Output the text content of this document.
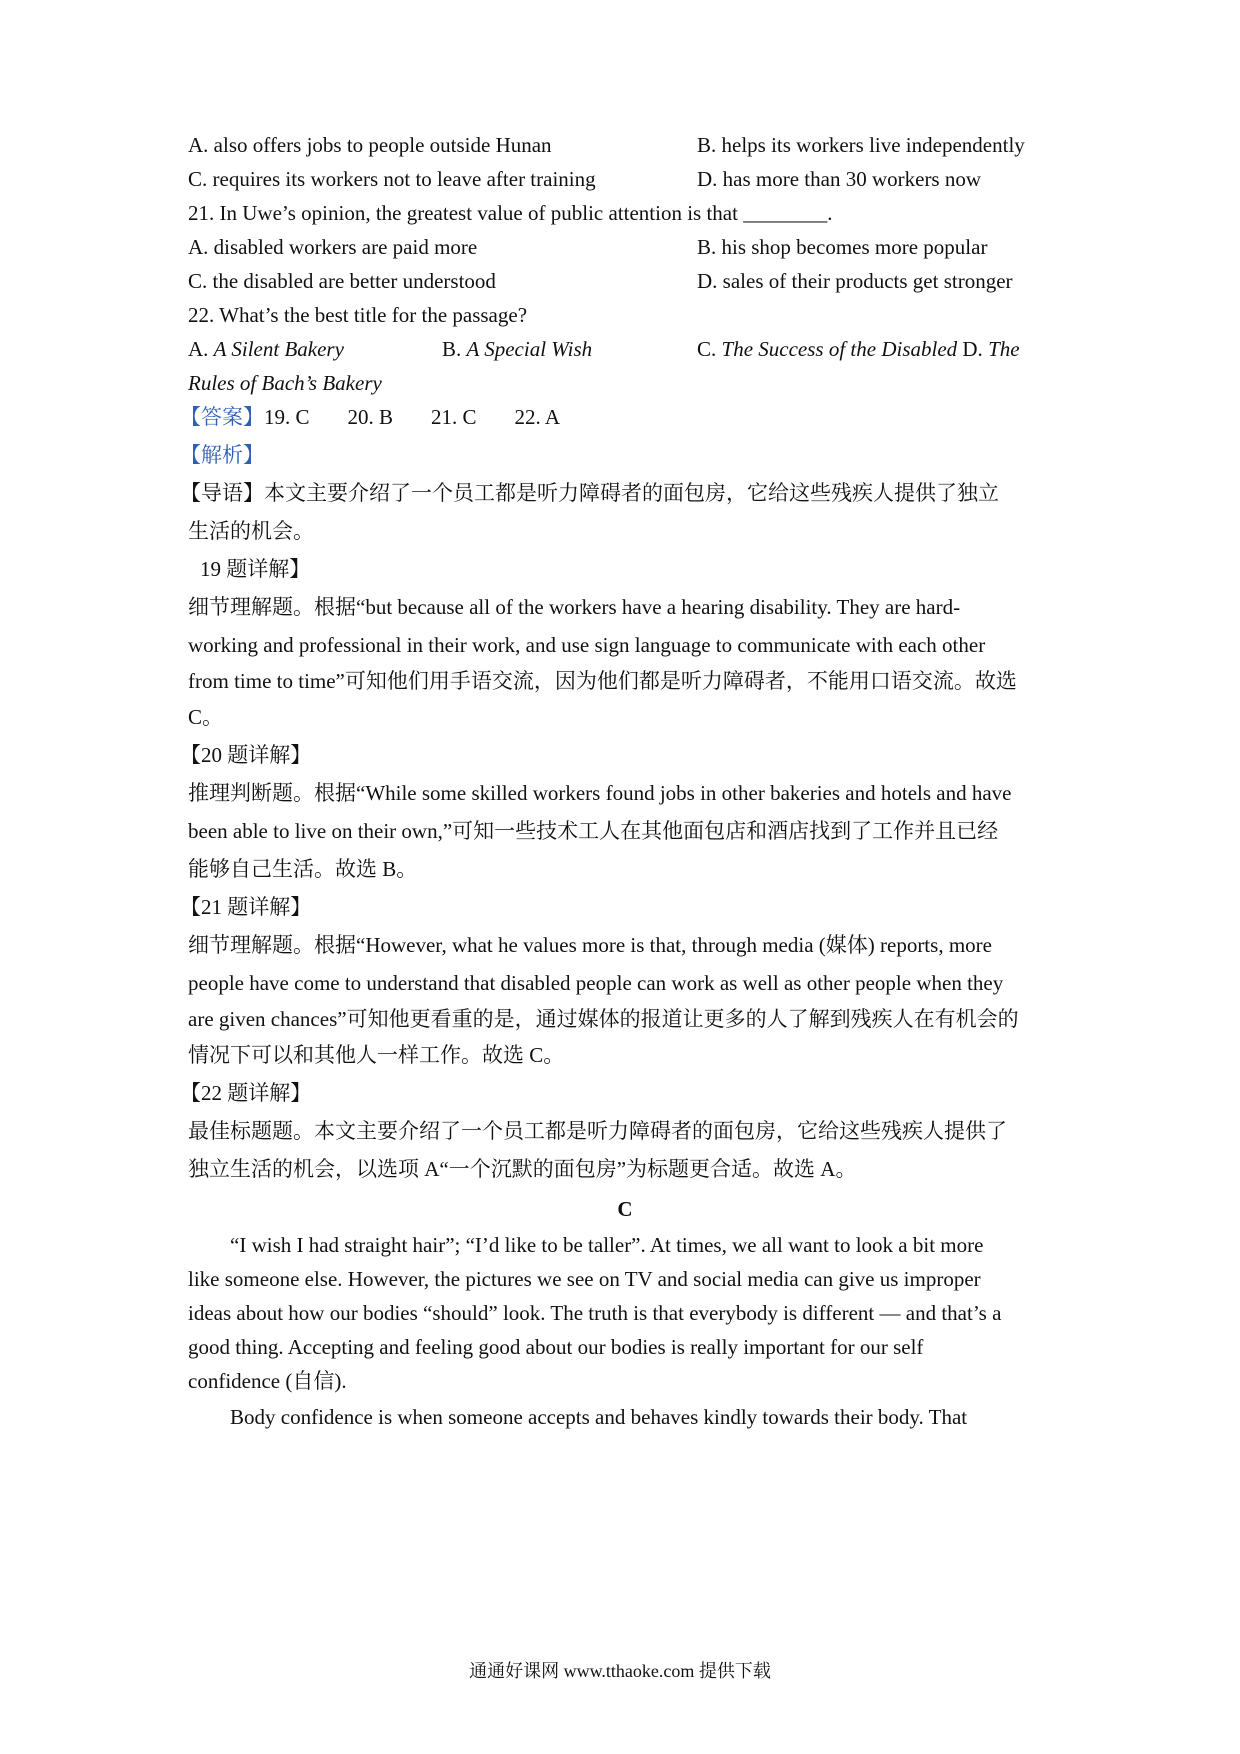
A. also offers jobs to people outside Hunan	B. helps its workers live independently
C. requires its workers not to leave after training	D. has more than 30 workers now
21. In Uwe’s opinion, the greatest value of public attention is that ________.
A. disabled workers are paid more	B. his shop becomes more popular
C. the disabled are better understood	D. sales of their products get stronger
22. What’s the best title for the passage?
A. A Silent Bakery	B. A Special Wish	C. The Success of the Disabled D. The
Rules of Bach’s Bakery
【答案】19. C 20. B 21. C 22. A
【解析】
【导语】本文主要介绍了一个员工都是听力障碍者的面包房，它给这些残疾人提供了独立
生活的机会。
19 题详解】
细节理解题。根据“but because all of the workers have a hearing disability. They are hard-
working and professional in their work, and use sign language to communicate with each other
from time to time”可知他们用手语交流，因为他们都是听力障碍者，不能用口语交流。故选
C。
【20 题详解】
推理判断题。根据“While some skilled workers found jobs in other bakeries and hotels and have
been able to live on their own,”可知一些技术工人在其他面包店和酒店找到了工作并且已经
能够自己生活。故选 B。
【21 题详解】
细节理解题。根据“However, what he values more is that, through media (媒体) reports, more
people have come to understand that disabled people can work as well as other people when they
are given chances”可知他更看重的是，通过媒体的报道让更多的人了解到残疾人在有机会的
情况下可以和其他人一样工作。故选 C。
【22 题详解】
最佳标题题。本文主要介绍了一个员工都是听力障碍者的面包房，它给这些残疾人提供了
独立生活的机会，以选项 A“一个沉默的面包房”为标题更合适。故选 A。
C
“I wish I had straight hair”; “I’d like to be taller”. At times, we all want to look a bit more
like someone else. However, the pictures we see on TV and social media can give us improper
ideas about how our bodies “should” look. The truth is that everybody is different — and that’s a
good thing. Accepting and feeling good about our bodies is really important for our self
confidence (自信).
Body confidence is when someone accepts and behaves kindly towards their body. That
通通好课网 www.tthaoke.com 提供下载
